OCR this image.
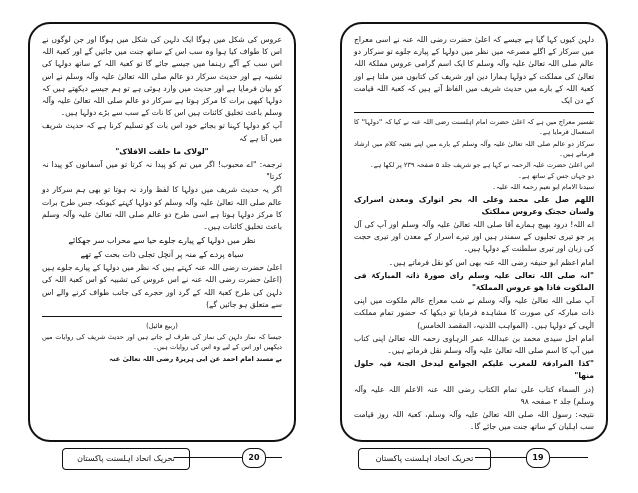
عروس کی شکل میں ہوگا ایک دلہن کی شکل میں ہوگا اور جن لوگوں نے اس کا طواف کیا ہوا وہ سب اس کے ساتھ جنت میں جائیں گے اور کعبۃ اللہ اس سب کے آگے رہنما میں جیسے جائے گا تو کعبۃ اللہ کے ساتھ دولہا کی تشبیہ ہے اور حدیث سرکار دو عالم صلی اللہ تعالیٰ علیہ وآلہ وسلم نے اس کو بیان فرمایا ہے اور حدیث میں وارد ہوئی ہے تو ہم جیسے دیکھتے ہیں کہ دولہا کبھی برات کا مرکز ہوتا ہے سرکار دو عالم صلی اللہ تعالیٰ علیہ وآلہ وسلم باعث تخلیق کائنات ہیں اس کا نات کے سب سے بڑے دولہا ہیں۔

آپ کو دولہا کہنا تو بجائے خود اس بات کو تسلیم کرنا ہے کہ حدیث شریف میں آتا ہے کہ

"لولاک ما خلقت الافلاک"

ترجمہ: "اے محبوب! اگر میں تم کو پیدا نہ کرتا تو میں آسمانوں کو پیدا نہ کرتا"

اگر یہ حدیث شریف میں دولہا کا لفظ وارد نہ ہوتا تو بھی ہم سرکار دو عالم صلی اللہ تعالیٰ علیہ وآلہ وسلم کو دولہا کہتے کیونکہ جس طرح برات کا مرکز دولہا ہوتا ہے اسی طرح دو عالم صلی اللہ تعالیٰ علیہ وآلہ وسلم باعث تخلیق کائنات ہیں۔

نظر میں دولہا کے پیارے جلوے حیا سے محراب سر جھکائے
سیاہ پردے کے منہ پر آنچل تجلی ذات بحت کے تھے

اعلیٰ حضرت رضی اللہ عنہ کہتے ہیں کہ نظر میں دولہا کے پیارے جلوے ہیں (اعلیٰ حضرت رضی اللہ عنہ نے اس عروس کی تشبیہ کو اس کعبۃ اللہ کی دلہن کی طرح کعبۃ اللہ کے گرد اور حجرے کی جانب طواف کرنے والے اس سے متعلق ہو جائیں گے)

(ربیع فائیل)

جیسا کہ نماز دلہن کی نماز کی طرف لے جاتے ہیں اور حدیث شریف کی روایات میں دیکھیں اور اس کے لیے وہ اس کی روایات ہیں۔

بے مسند امام احمد عن ابی ہریرۃ رضی اللہ تعالیٰ عنہ

دلہن کیوں کہا گیا ہے جیسے کہ اعلیٰ حضرت رضی اللہ عنہ نے اسی معراج میں سرکار کے اگلے مصرعہ میں نظر میں دولہا کے پیارے جلوے تو سرکار دو عالم صلی اللہ تعالیٰ علیہ وآلہ وسلم کا ایک اسم گرامی عروس مملکۃ اللہ تعالیٰ کی مملکت کے دولہا ہمارا دین اور شریف کی کتابوں میں ملتا ہے اور کعبۃ اللہ کے بارے میں حدیث شریف میں الفاظ آتے ہیں کہ کعبۃ اللہ قیامت کے دن ایک

تفسیر معراج میں ہے کہ اعلیٰ حضرت امام اہلسنت رضی اللہ عنہ نے کیا کہ ''دولہا'' کا استعمال فرمایا ہے۔

سرکار دو عالم صلی اللہ تعالیٰ علیہ وآلہ وسلم کے بارے میں اپنے نعتیہ کلام میں ارشاد فرماتے ہیں۔

اس اعلیٰ حضرت علیہ الرحمہ نے کہا ہے جو شریف جلد ۵ صفحہ ۲۳۹ پر لکھا ہے۔

دو جہاں جس کے ساتھ ہے۔

سیدنا الامام ابو نعیم رحمۃ اللہ علیہ۔

اللھم صل علی محمد وعلی الہ بحر انوارک ومعدن اسرارک ولسان حجتک وعروس مملکتک

اے اللہ! درود بھیج ہمارے آقا صلی اللہ تعالیٰ علیہ وآلہ وسلم اور آپ کی آل پر جو تیری تجلیوں کے سمندر ہیں اور تیرے اسرار کے معدن اور تیری حجت کی زبان اور تیری سلطنت کے دولہا ہیں۔

امام اعظم ابو حنیفہ رضی اللہ عنہ بھی اس کو نقل فرماتے ہیں۔

"انہ صلی اللہ تعالی علیہ وسلم رای صورۃ ذاتہ المبارکۃ فی الملکوت فاذا ھو عروس المملکۃ"

آپ صلی اللہ تعالیٰ علیہ وآلہ وسلم نے شب معراج عالم ملکوت میں اپنی ذات مبارکہ کی صورت کا مشاہدہ فرمایا تو دیکھا کہ حضور تمام مملکت الٰہی کے دولہا ہیں۔ (المواہب اللدنیہ، المقصد الخامس)

امام اجل سیدی محمد بن عبداللہ عمر الرہاوی رحمہ اللہ تعالیٰ اپنی کتاب میں آپ کا اسم صلی اللہ تعالیٰ علیہ وآلہ وسلم نقل فرماتے ہیں۔

"کذا المرادفۃ للمغرب علیکم الجوامع لیدخل الجنۃ فیہ حلول منھا"

(در السماء کتاب علی تمام الکتاب رضی اللہ عنہ الاعلم اللہ علیہ وآلہ وسلم) جلد ۲ صفحہ ۹۸

نتیجہ: رسول اللہ صلی اللہ تعالیٰ علیہ وآلہ وسلم، کعبۃ اللہ روز قیامت سب اہلیان کے ساتھ جنت میں جائے گا۔

تحریک اتحاد اہلسنت پاکستان	20	تحریک اتحاد اہلسنت پاکستان	19
